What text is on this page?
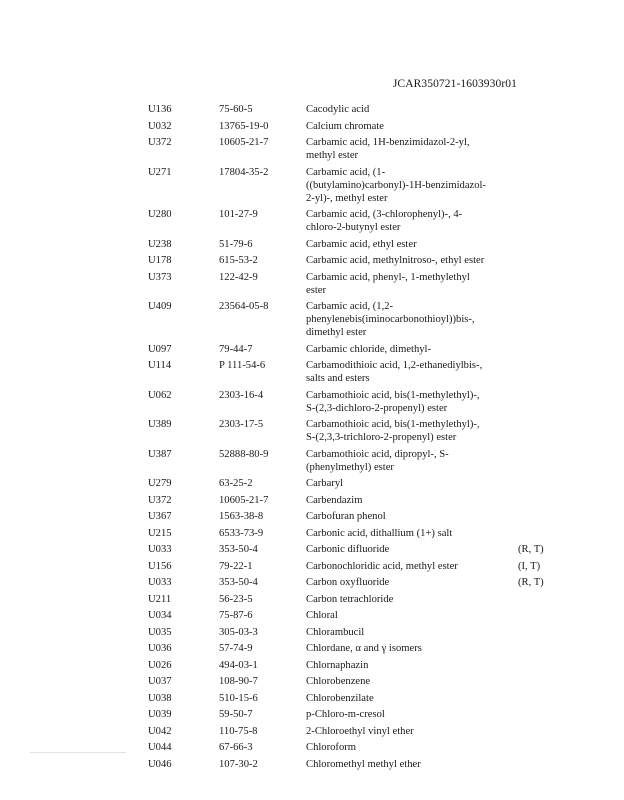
JCAR350721-1603930r01
U136	75-60-5	Cacodylic acid
U032	13765-19-0	Calcium chromate
U372	10605-21-7	Carbamic acid, 1H-benzimidazol-2-yl,
methyl ester
U271	17804-35-2	Carbamic acid, (1-
((butylamino)carbonyl)-1H-benzimidazol-
2-yl)-, methyl ester
U280	101-27-9	Carbamic acid, (3-chlorophenyl)-, 4-
chloro-2-butynyl ester
U238	51-79-6	Carbamic acid, ethyl ester
U178	615-53-2	Carbamic acid, methylnitroso-, ethyl ester
U373	122-42-9	Carbamic acid, phenyl-, 1-methylethyl
ester
U409	23564-05-8	Carbamic acid, (1,2-
phenylenebis(iminocarbonothioyl))bis-,
dimethyl ester
U097	79-44-7	Carbamic chloride, dimethyl-
U114	P 111-54-6	Carbamodithioic acid, 1,2-ethanediylbis-,
salts and esters
U062	2303-16-4	Carbamothioic acid, bis(1-methylethyl)-,
S-(2,3-dichloro-2-propenyl) ester
U389	2303-17-5	Carbamothioic acid, bis(1-methylethyl)-,
S-(2,3,3-trichloro-2-propenyl) ester
U387	52888-80-9	Carbamothioic acid, dipropyl-, S-
(phenylmethyl) ester
U279	63-25-2	Carbaryl
U372	10605-21-7	Carbendazim
U367	1563-38-8	Carbofuran phenol
U215	6533-73-9	Carbonic acid, dithallium (1+) salt
U033	353-50-4	Carbonic difluoride	(R, T)
U156	79-22-1	Carbonochloridic acid, methyl ester	(I, T)
U033	353-50-4	Carbon oxyfluoride	(R, T)
U211	56-23-5	Carbon tetrachloride
U034	75-87-6	Chloral
U035	305-03-3	Chlorambucil
U036	57-74-9	Chlordane, α and γ isomers
U026	494-03-1	Chlornaphazin
U037	108-90-7	Chlorobenzene
U038	510-15-6	Chlorobenzilate
U039	59-50-7	p-Chloro-m-cresol
U042	110-75-8	2-Chloroethyl vinyl ether
U044	67-66-3	Chloroform
U046	107-30-2	Chloromethyl methyl ether
